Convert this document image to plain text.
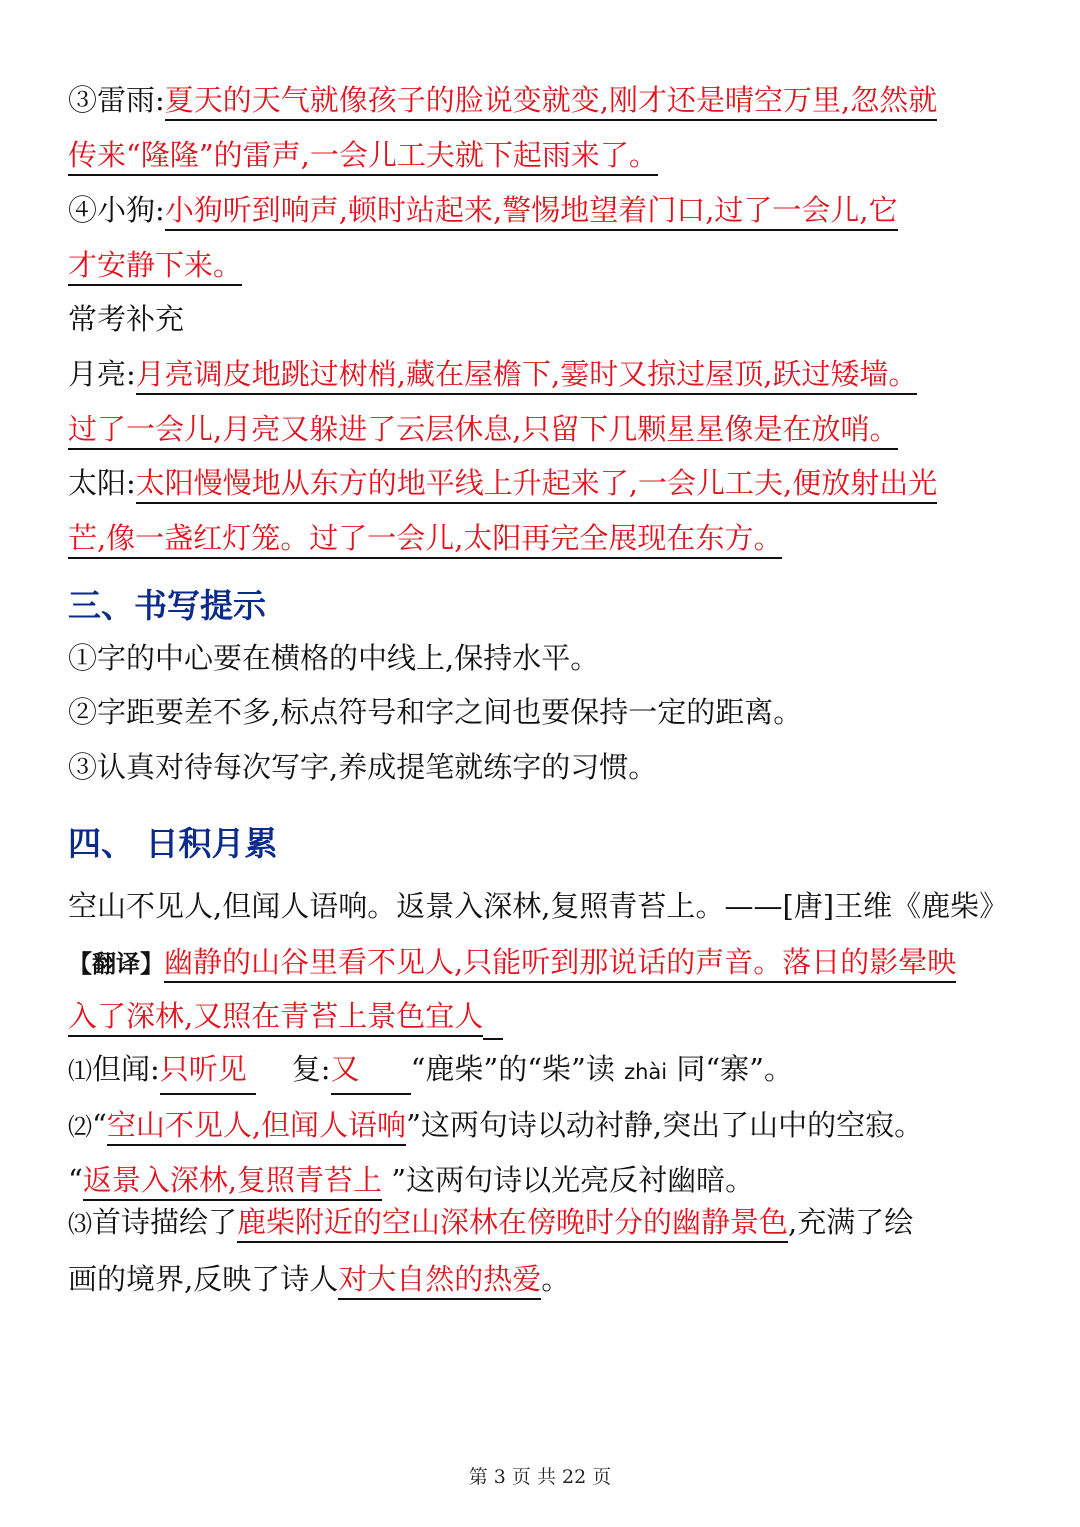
③雷雨:夏天的天气就像孩子的脸说变就变,刚才还是晴空万里,忽然就
传来“隆隆”的雷声,一会儿工夫就下起雨来了。
④小狗:小狗听到响声,顿时站起来,警惕地望着门口,过了一会儿,它
才安静下来。
常考补充
月亮:月亮调皮地跳过树梢,藏在屋檐下,霎时又掠过屋顶,跃过矮墙。
过了一会儿,月亮又躲进了云层休息,只留下几颗星星像是在放哨。
太阳:太阳慢慢地从东方的地平线上升起来了,一会儿工夫,便放射出光
芒,像一盏红灯笼。过了一会儿,太阳再完全展现在东方。
三、书写提示
①字的中心要在横格的中线上,保持水平。
②字距要差不多,标点符号和字之间也要保持一定的距离。
③认真对待每次写字,养成提笔就练字的习惯。
四、 日积月累
空山不见人,但闻人语响。返景入深林,复照青苔上。——[唐]王维《鹿柴》
【翻译】幽静的山谷里看不见人,只能听到那说话的声音。落日的影晕映
入了深林,又照在青苔上景色宜人
⑴但闻:只听见 复:又 “鹿柴”的“柴”读 zhài 同“寨”。
⑵“空山不见人,但闻人语响”这两句诗以动衬静,突出了山中的空寂。
“返景入深林,复照青苔上 ”这两句诗以光亮反衬幽暗。
⑶首诗描绘了鹿柴附近的空山深林在傍晚时分的幽静景色,充满了绘
画的境界,反映了诗人对大自然的热爱。
第 3 页 共 22 页
